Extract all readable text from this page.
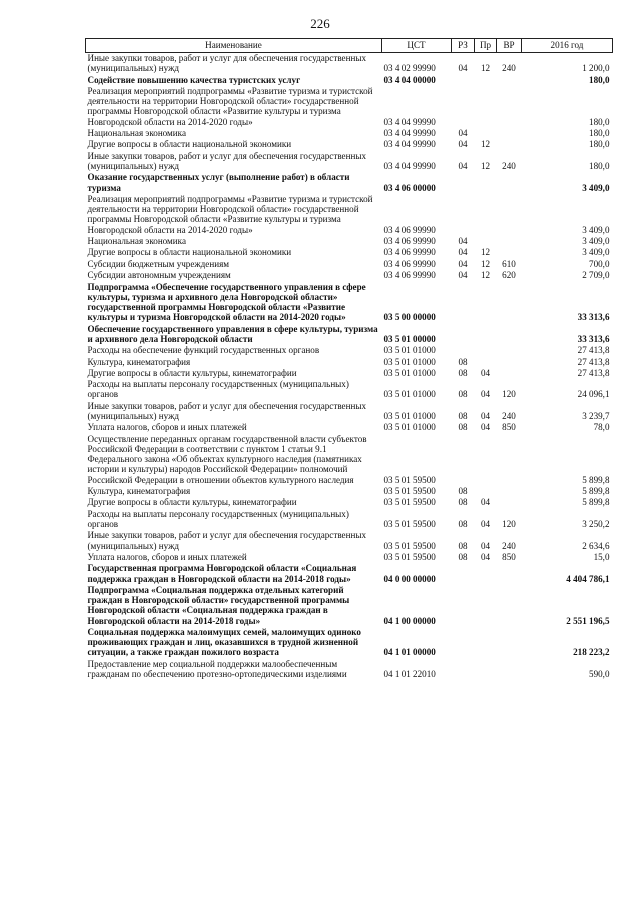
226
Наименование	ЦСТ	РЗ	Пр	ВР	2016 год
Иные закупки товаров, работ и услуг для обеспечения государственных (муниципальных) нужд	03 4 02 99990	04	12	240	1 200,0
Содействие повышению качества туристских услуг	03 4 04 00000				180,0
Реализация мероприятий подпрограммы «Развитие туризма и туристской деятельности на территории Новгородской области» государственной программы Новгородской области «Развитие культуры и туризма Новгородской области на 2014-2020 годы»	03 4 04 99990				180,0
Национальная экономика	03 4 04 99990	04			180,0
Другие вопросы в области национальной экономики	03 4 04 99990	04	12		180,0
Иные закупки товаров, работ и услуг для обеспечения государственных (муниципальных) нужд	03 4 04 99990	04	12	240	180,0
Оказание государственных услуг (выполнение работ) в области туризма	03 4 06 00000				3 409,0
Реализация мероприятий подпрограммы «Развитие туризма и туристской деятельности на территории Новгородской области» государственной программы Новгородской области «Развитие культуры и туризма Новгородской области на 2014-2020 годы»	03 4 06 99990				3 409,0
Национальная экономика	03 4 06 99990	04			3 409,0
Другие вопросы в области национальной экономики	03 4 06 99990	04	12		3 409,0
Субсидии бюджетным учреждениям	03 4 06 99990	04	12	610	700,0
Субсидии автономным учреждениям	03 4 06 99990	04	12	620	2 709,0
Подпрограмма «Обеспечение государственного управления в сфере культуры, туризма и архивного дела Новгородской области» государственной программы Новгородской области «Развитие культуры и туризма Новгородской области на 2014-2020 годы»	03 5 00 00000				33 313,6
Обеспечение государственного управления в сфере культуры, туризма и архивного дела Новгородской области	03 5 01 00000				33 313,6
Расходы на обеспечение функций государственных органов	03 5 01 01000				27 413,8
Культура, кинематография	03 5 01 01000	08			27 413,8
Другие вопросы в области культуры, кинематографии	03 5 01 01000	08	04		27 413,8
Расходы на выплаты персоналу государственных (муниципальных) органов	03 5 01 01000	08	04	120	24 096,1
Иные закупки товаров, работ и услуг для обеспечения государственных (муниципальных) нужд	03 5 01 01000	08	04	240	3 239,7
Уплата налогов, сборов и иных платежей	03 5 01 01000	08	04	850	78,0
Осуществление переданных органам государственной власти субъектов Российской Федерации в соответствии с пунктом 1 статьи 9.1 Федерального закона «Об объектах культурного наследия (памятниках истории и культуры) народов Российской Федерации» полномочий Российской Федерации в отношении объектов культурного наследия	03 5 01 59500				5 899,8
Культура, кинематография	03 5 01 59500	08			5 899,8
Другие вопросы в области культуры, кинематографии	03 5 01 59500	08	04		5 899,8
Расходы на выплаты персоналу государственных (муниципальных) органов	03 5 01 59500	08	04	120	3 250,2
Иные закупки товаров, работ и услуг для обеспечения государственных (муниципальных) нужд	03 5 01 59500	08	04	240	2 634,6
Уплата налогов, сборов и иных платежей	03 5 01 59500	08	04	850	15,0
Государственная программа Новгородской области «Социальная поддержка граждан в Новгородской области на 2014-2018 годы»	04 0 00 00000				4 404 786,1
Подпрограмма «Социальная поддержка отдельных категорий граждан в Новгородской области» государственной программы Новгородской области «Социальная поддержка граждан в Новгородской области на 2014-2018 годы»	04 1 00 00000				2 551 196,5
Социальная поддержка малоимущих семей, малоимущих одиноко проживающих граждан и лиц, оказавшихся в трудной жизненной ситуации, а также граждан пожилого возраста	04 1 01 00000				218 223,2
Предоставление мер социальной поддержки малообеспеченным гражданам по обеспечению протезно-ортопедическими изделиями	04 1 01 22010				590,0
